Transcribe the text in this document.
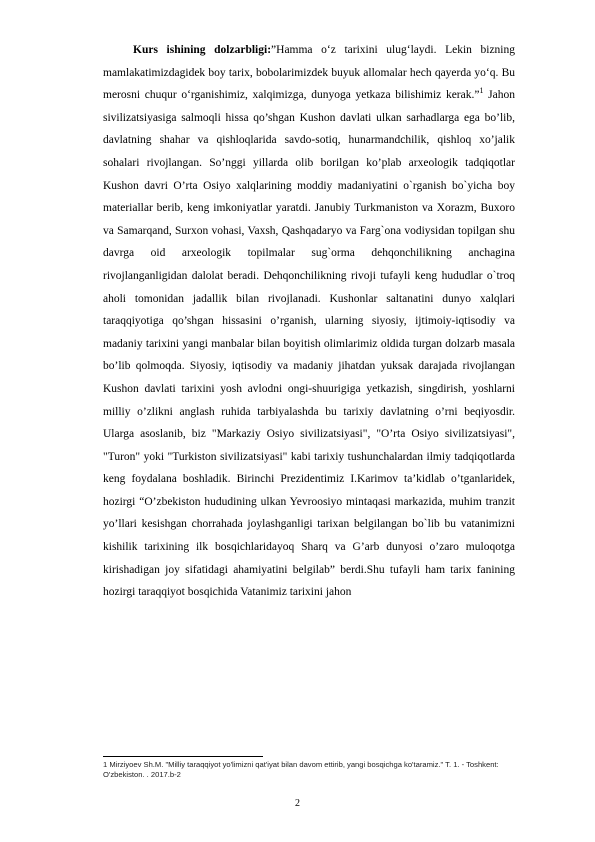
Kurs ishining dolzarbligi:”Hamma o‘z tarixini ulug‘laydi. Lekin bizning mamlakatimizdagidek boy tarix, bobolarimizdek buyuk allomalar hech qayerda yo‘q. Bu merosni chuqur o‘rganishimiz, xalqimizga, dunyoga yetkaza bilishimiz kerak.”$^1$ Jahon sivilizatsiyasiga salmoqli hissa qo’shgan Kushon davlati ulkan sarhadlarga ega bo’lib, davlatning shahar va qishloqlarida savdo-sotiq, hunarmandchilik, qishloq xo’jalik sohalari rivojlangan. So’nggi yillarda olib borilgan ko’plab arxeologik tadqiqotlar Kushon davri O’rta Osiyo xalqlarining moddiy madaniyatini o`rganish bo`yicha boy materiallar berib, keng imkoniyatlar yaratdi. Janubiy Turkmaniston va Xorazm, Buxoro va Samarqand, Surxon vohasi, Vaxsh, Qashqadaryo va Farg`ona vodiysidan topilgan shu davrga oid arxeologik topilmalar sug`orma dehqonchilikning anchagina rivojlanganligidan dalolat beradi. Dehqonchilikning rivoji tufayli keng hududlar o`troq aholi tomonidan jadallik bilan rivojlanadi. Kushonlar saltanatini dunyo xalqlari taraqqiyotiga qo’shgan hissasini o’rganish, ularning siyosiy, ijtimoiy-iqtisodiy va madaniy tarixini yangi manbalar bilan boyitish olimlarimiz oldida turgan dolzarb masala bo’lib qolmoqda. Siyosiy, iqtisodiy va madaniy jihatdan yuksak darajada rivojlangan Kushon davlati tarixini yosh avlodni ongi-shuurigiga yetkazish, singdirish, yoshlarni milliy o’zlikni anglash ruhida tarbiyalashda bu tarixiy davlatning o’rni beqiyosdir. Ularga asoslanib, biz "Markaziy Osiyo sivilizatsiyasi", "O’rta Osiyo sivilizatsiyasi", "Turon" yoki "Turkiston sivilizatsiyasi" kabi tarixiy tushunchalardan ilmiy tadqiqotlarda keng foydalana boshladik. Birinchi Prezidentimiz I.Karimov ta’kidlab o’tganlaridek, hozirgi “O’zbekiston hududining ulkan Yevroosiyo mintaqasi markazida, muhim tranzit yo’llari kesishgan chorrahada joylashganligi tarixan belgilangan bo`lib bu vatanimizni kishilik tarixining ilk bosqichlaridayoq Sharq va G’arb dunyosi o’zaro muloqotga kirishadigan joy sifatidagi ahamiyatini belgilab” berdi.Shu tufayli ham tarix fanining hozirgi taraqqiyot bosqichida Vatanimiz tarixini jahon

1 Mirziyoev Sh.M. "Milliy taraqqiyot yo'limizni qat'iyat bilan davom ettirib, yangi bosqichga ko'taramiz." T. 1. - Toshkent: O'zbekiston. . 2017.b-2

2
